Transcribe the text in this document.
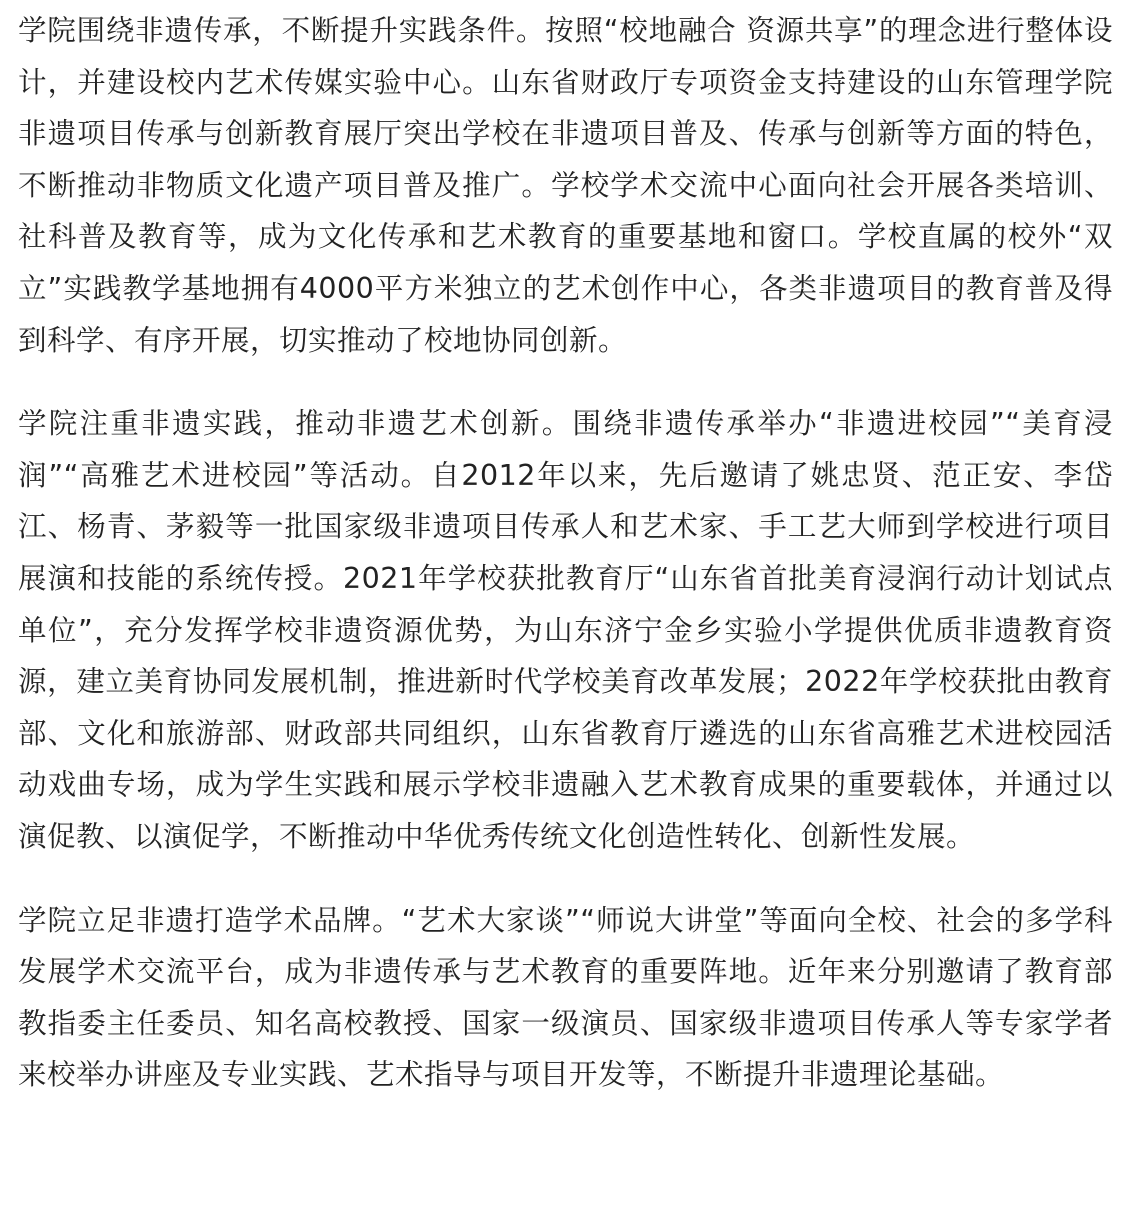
学院围绕非遗传承，不断提升实践条件。按照“校地融合 资源共享”的理念进行整体设计，并建设校内艺术传媒实验中心。山东省财政厅专项资金支持建设的山东管理学院非遗项目传承与创新教育展厅突出学校在非遗项目普及、传承与创新等方面的特色，不断推动非物质文化遗产项目普及推广。学校学术交流中心面向社会开展各类培训、社科普及教育等，成为文化传承和艺术教育的重要基地和窗口。学校直属的校外“双立”实践教学基地拥有4000平方米独立的艺术创作中心，各类非遗项目的教育普及得到科学、有序开展，切实推动了校地协同创新。

学院注重非遗实践，推动非遗艺术创新。围绕非遗传承举办“非遗进校园”“美育浸润”“高雅艺术进校园”等活动。自2012年以来，先后邀请了姚忠贤、范正安、李岱江、杨青、茅毅等一批国家级非遗项目传承人和艺术家、手工艺大师到学校进行项目展演和技能的系统传授。2021年学校获批教育厅“山东省首批美育浸润行动计划试点单位”，充分发挥学校非遗资源优势，为山东济宁金乡实验小学提供优质非遗教育资源，建立美育协同发展机制，推进新时代学校美育改革发展；2022年学校获批由教育部、文化和旅游部、财政部共同组织，山东省教育厅遴选的山东省高雅艺术进校园活动戏曲专场，成为学生实践和展示学校非遗融入艺术教育成果的重要载体，并通过以演促教、以演促学，不断推动中华优秀传统文化创造性转化、创新性发展。

学院立足非遗打造学术品牌。“艺术大家谈”“师说大讲堂”等面向全校、社会的多学科发展学术交流平台，成为非遗传承与艺术教育的重要阵地。近年来分别邀请了教育部教指委主任委员、知名高校教授、国家一级演员、国家级非遗项目传承人等专家学者来校举办讲座及专业实践、艺术指导与项目开发等，不断提升非遗理论基础。
